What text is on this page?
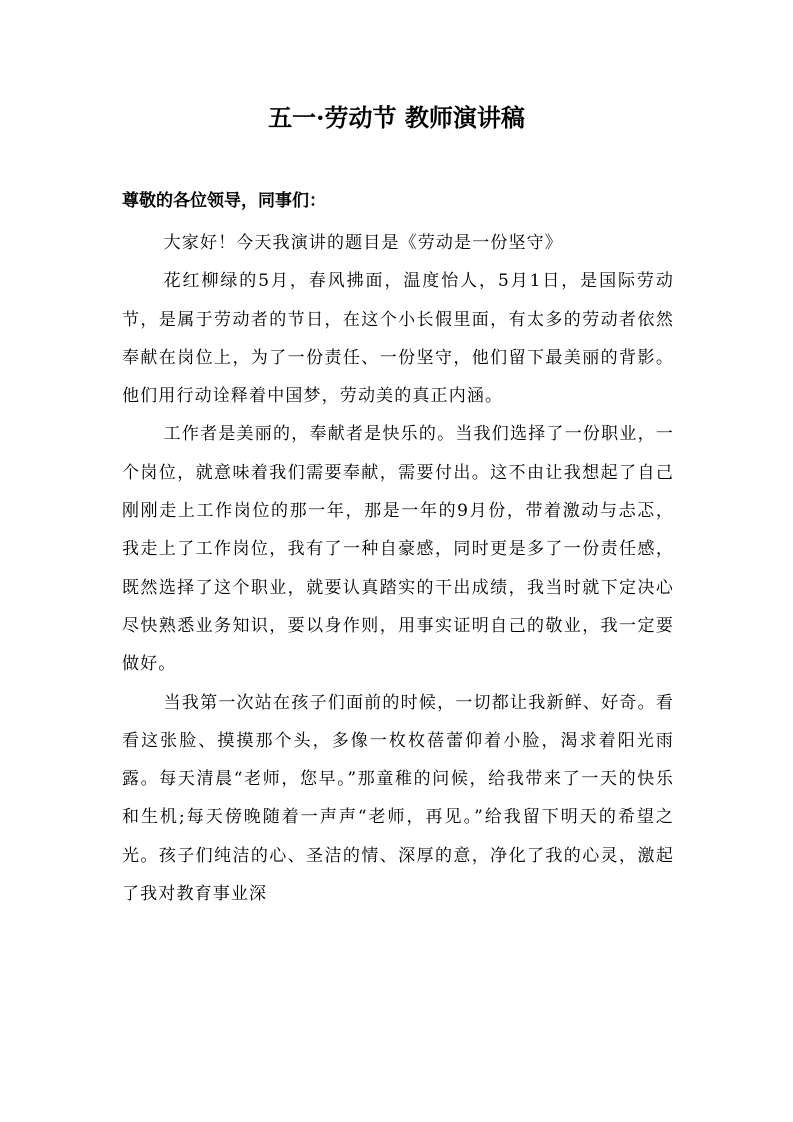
五一·劳动节 教师演讲稿
尊敬的各位领导，同事们：

大家好！今天我演讲的题目是《劳动是一份坚守》

花红柳绿的5月，春风拂面，温度怡人，5月1日，是国际劳动节，是属于劳动者的节日，在这个小长假里面，有太多的劳动者依然奉献在岗位上，为了一份责任、一份坚守，他们留下最美丽的背影。他们用行动诠释着中国梦，劳动美的真正内涵。

工作者是美丽的，奉献者是快乐的。当我们选择了一份职业，一个岗位，就意味着我们需要奉献，需要付出。这不由让我想起了自己刚刚走上工作岗位的那一年，那是一年的9月份，带着激动与忐忑，我走上了工作岗位，我有了一种自豪感，同时更是多了一份责任感，既然选择了这个职业，就要认真踏实的干出成绩，我当时就下定决心尽快熟悉业务知识，要以身作则，用事实证明自己的敬业，我一定要做好。

当我第一次站在孩子们面前的时候，一切都让我新鲜、好奇。看看这张脸、摸摸那个头，多像一枚枚蓓蕾仰着小脸，渴求着阳光雨露。每天清晨“老师，您早。”那童稚的问候，给我带来了一天的快乐和生机;每天傍晚随着一声声“老师，再见。”给我留下明天的希望之光。孩子们纯洁的心、圣洁的情、深厚的意，净化了我的心灵，激起了我对教育事业深
